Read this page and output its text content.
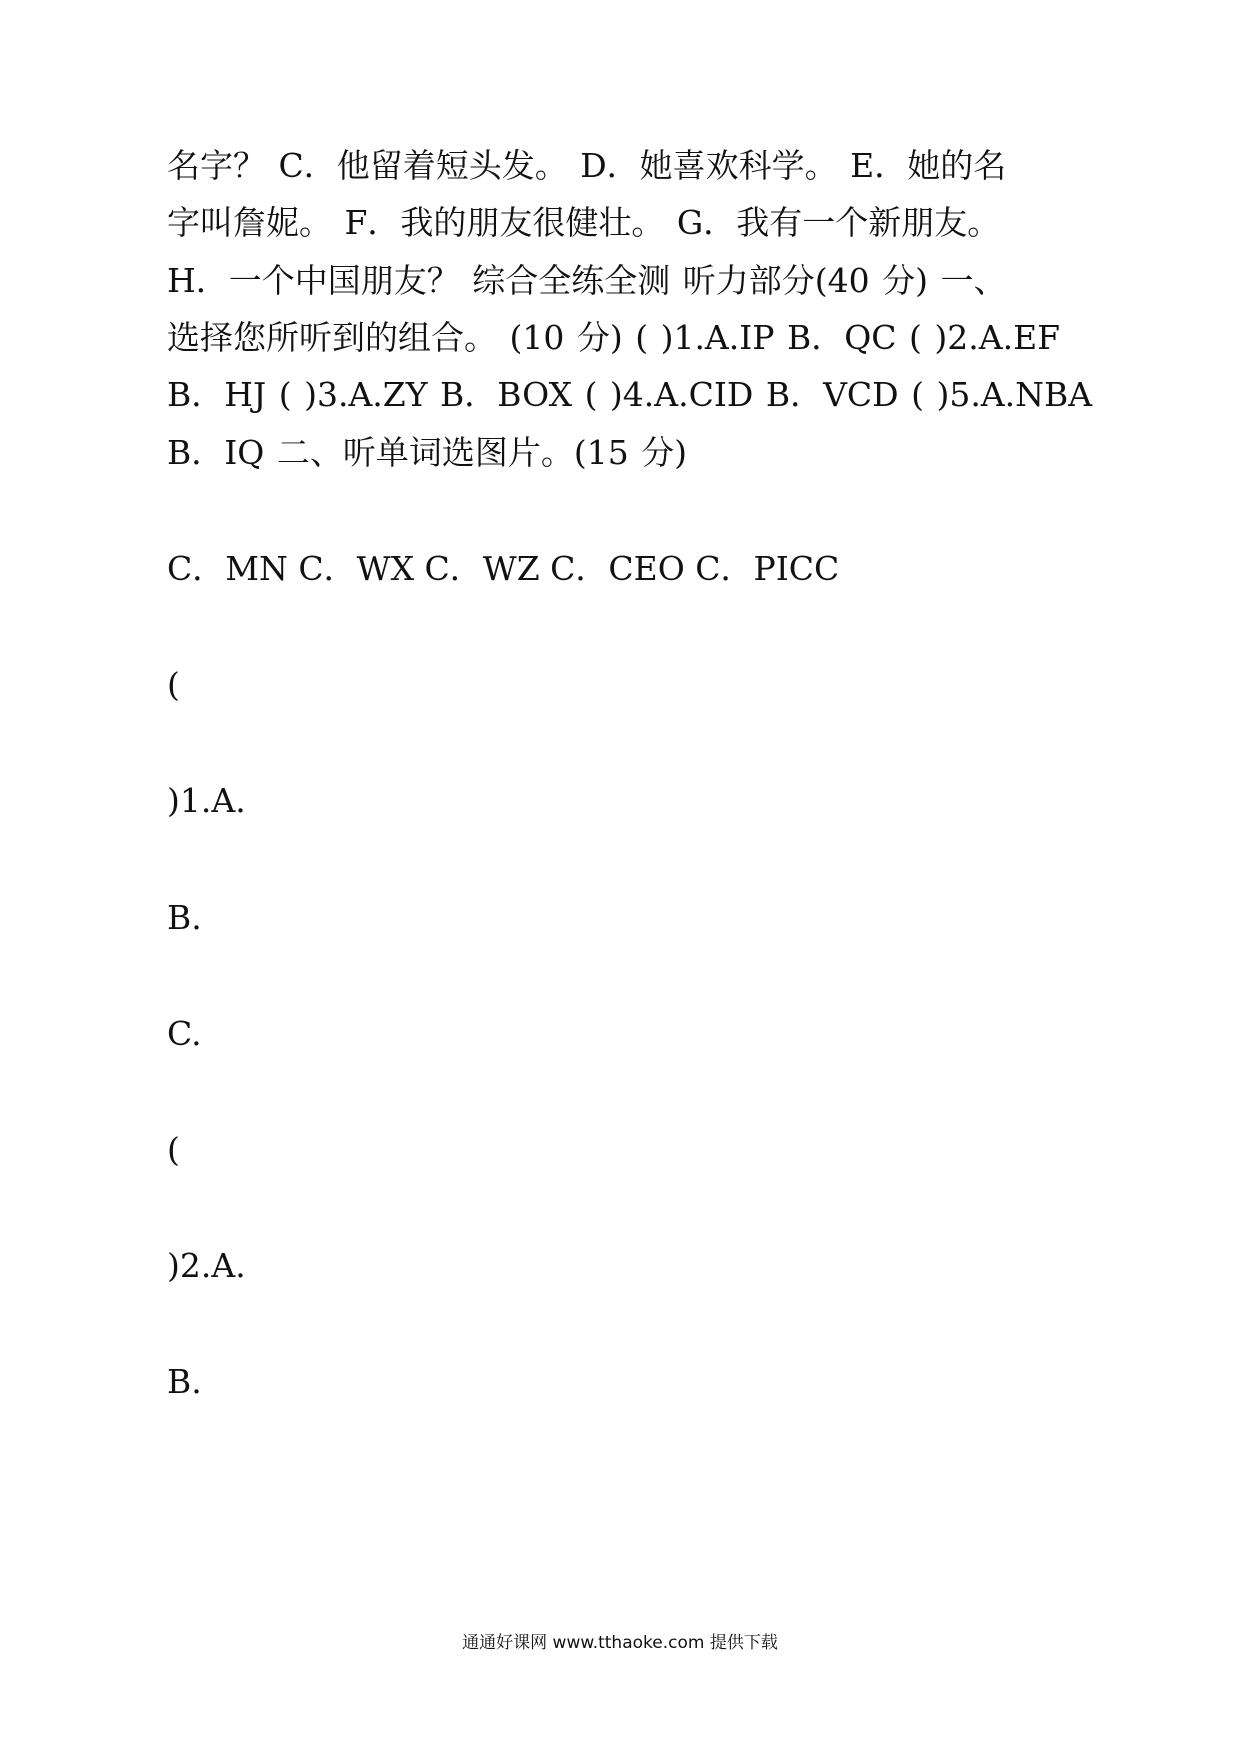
名字？ C．他留着短头发。 D．她喜欢科学。 E．她的名
字叫詹妮。 F．我的朋友很健壮。 G．我有一个新朋友。
H．一个中国朋友？ 综合全练全测 听力部分(40 分) 一、
选择您所听到的组合。 (10 分) ( )1.A.IP B．QC ( )2.A.EF
B．HJ ( )3.A.ZY B．BOX ( )4.A.CID B．VCD ( )5.A.NBA
B．IQ 二、听单词选图片。(15 分)
C．MN C．WX C．WZ C．CEO C．PICC
(
)1.A.
B.
C.
(
)2.A.
B.
通通好课网 www.tthaoke.com 提供下载
